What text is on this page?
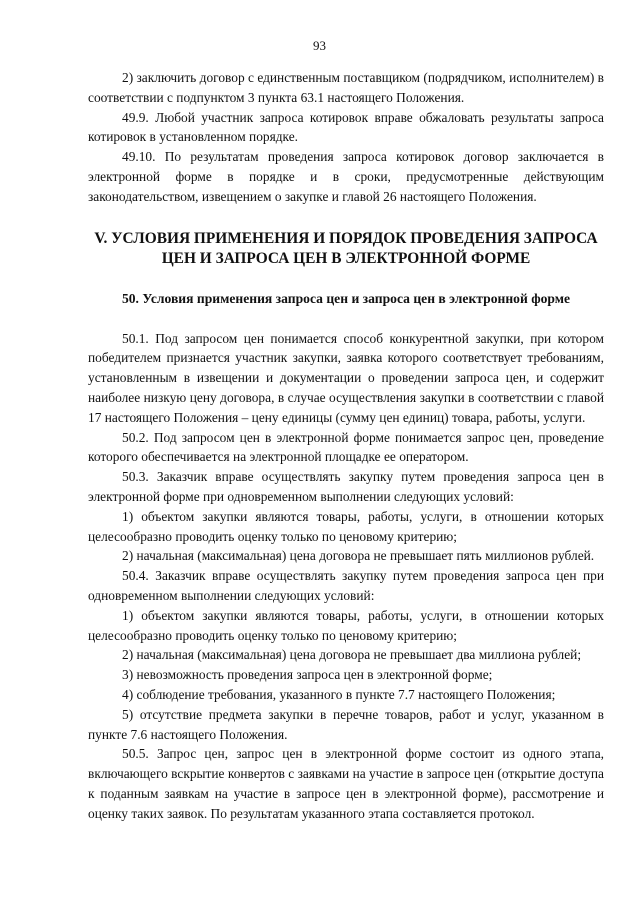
93

2) заключить договор с единственным поставщиком (подрядчиком, исполнителем) в соответствии с подпунктом 3 пункта 63.1 настоящего Положения.

49.9. Любой участник запроса котировок вправе обжаловать результаты запроса котировок в установленном порядке.

49.10. По результатам проведения запроса котировок договор заключается в электронной форме в порядке и в сроки, предусмотренные действующим законодательством, извещением о закупке и главой 26 настоящего Положения.

V. УСЛОВИЯ ПРИМЕНЕНИЯ И ПОРЯДОК ПРОВЕДЕНИЯ ЗАПРОСА ЦЕН И ЗАПРОСА ЦЕН В ЭЛЕКТРОННОЙ ФОРМЕ
50. Условия применения запроса цен и запроса цен в электронной форме

50.1. Под запросом цен понимается способ конкурентной закупки, при котором победителем признается участник закупки, заявка которого соответствует требованиям, установленным в извещении и документации о проведении запроса цен, и содержит наиболее низкую цену договора, в случае осуществления закупки в соответствии с главой 17 настоящего Положения – цену единицы (сумму цен единиц) товара, работы, услуги.

50.2. Под запросом цен в электронной форме понимается запрос цен, проведение которого обеспечивается на электронной площадке ее оператором.

50.3. Заказчик вправе осуществлять закупку путем проведения запроса цен в электронной форме при одновременном выполнении следующих условий:

1) объектом закупки являются товары, работы, услуги, в отношении которых целесообразно проводить оценку только по ценовому критерию;

2) начальная (максимальная) цена договора не превышает пять миллионов рублей.

50.4. Заказчик вправе осуществлять закупку путем проведения запроса цен при одновременном выполнении следующих условий:

1) объектом закупки являются товары, работы, услуги, в отношении которых целесообразно проводить оценку только по ценовому критерию;

2) начальная (максимальная) цена договора не превышает два миллиона рублей;

3) невозможность проведения запроса цен в электронной форме;

4) соблюдение требования, указанного в пункте 7.7 настоящего Положения;

5) отсутствие предмета закупки в перечне товаров, работ и услуг, указанном в пункте 7.6 настоящего Положения.

50.5. Запрос цен, запрос цен в электронной форме состоит из одного этапа, включающего вскрытие конвертов с заявками на участие в запросе цен (открытие доступа к поданным заявкам на участие в запросе цен в электронной форме), рассмотрение и оценку таких заявок. По результатам указанного этапа составляется протокол.
